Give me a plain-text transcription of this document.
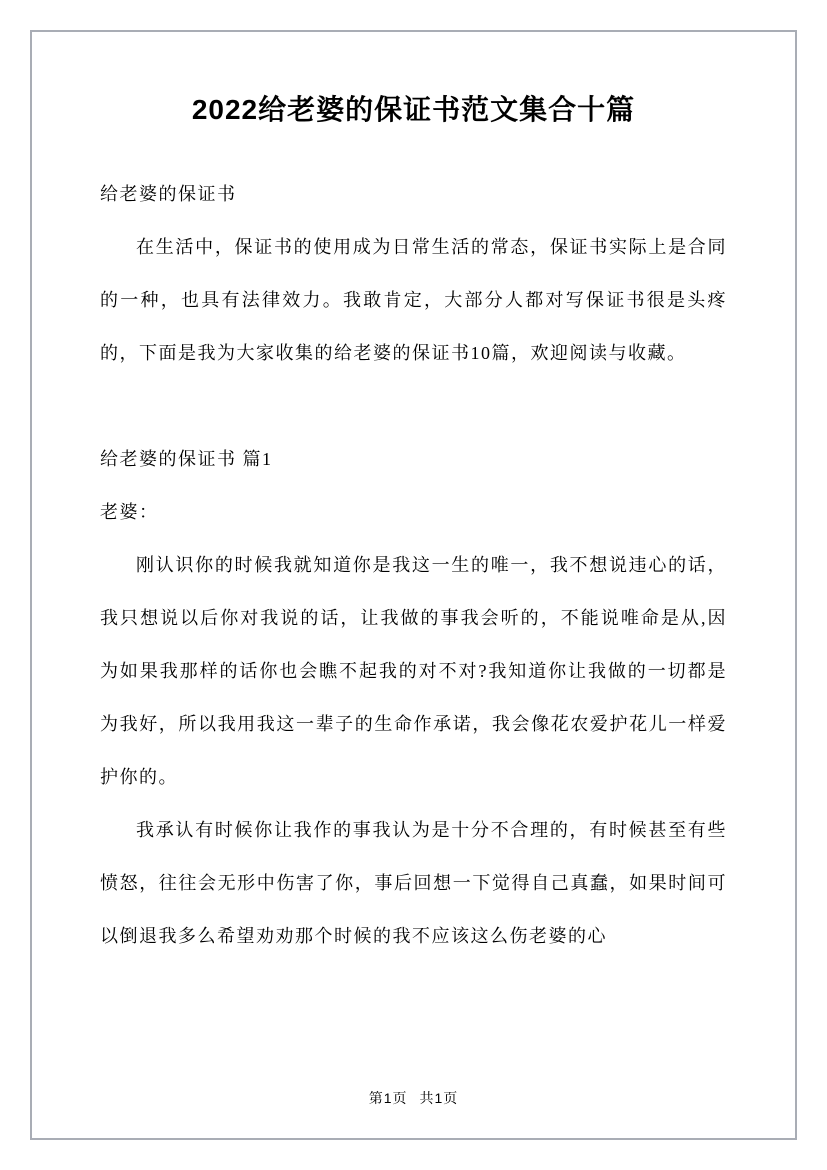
2022给老婆的保证书范文集合十篇

给老婆的保证书

在生活中，保证书的使用成为日常生活的常态，保证书实际上是合同的一种，也具有法律效力。我敢肯定，大部分人都对写保证书很是头疼的，下面是我为大家收集的给老婆的保证书10篇，欢迎阅读与收藏。

给老婆的保证书 篇1

老婆：

刚认识你的时候我就知道你是我这一生的唯一，我不想说违心的话，我只想说以后你对我说的话，让我做的事我会听的，不能说唯命是从,因为如果我那样的话你也会瞧不起我的对不对?我知道你让我做的一切都是为我好，所以我用我这一辈子的生命作承诺，我会像花农爱护花儿一样爱护你的。

我承认有时候你让我作的事我认为是十分不合理的，有时候甚至有些愤怒，往往会无形中伤害了你，事后回想一下觉得自己真蠢，如果时间可以倒退我多么希望劝劝那个时候的我不应该这么伤老婆的心

第1页 共1页
